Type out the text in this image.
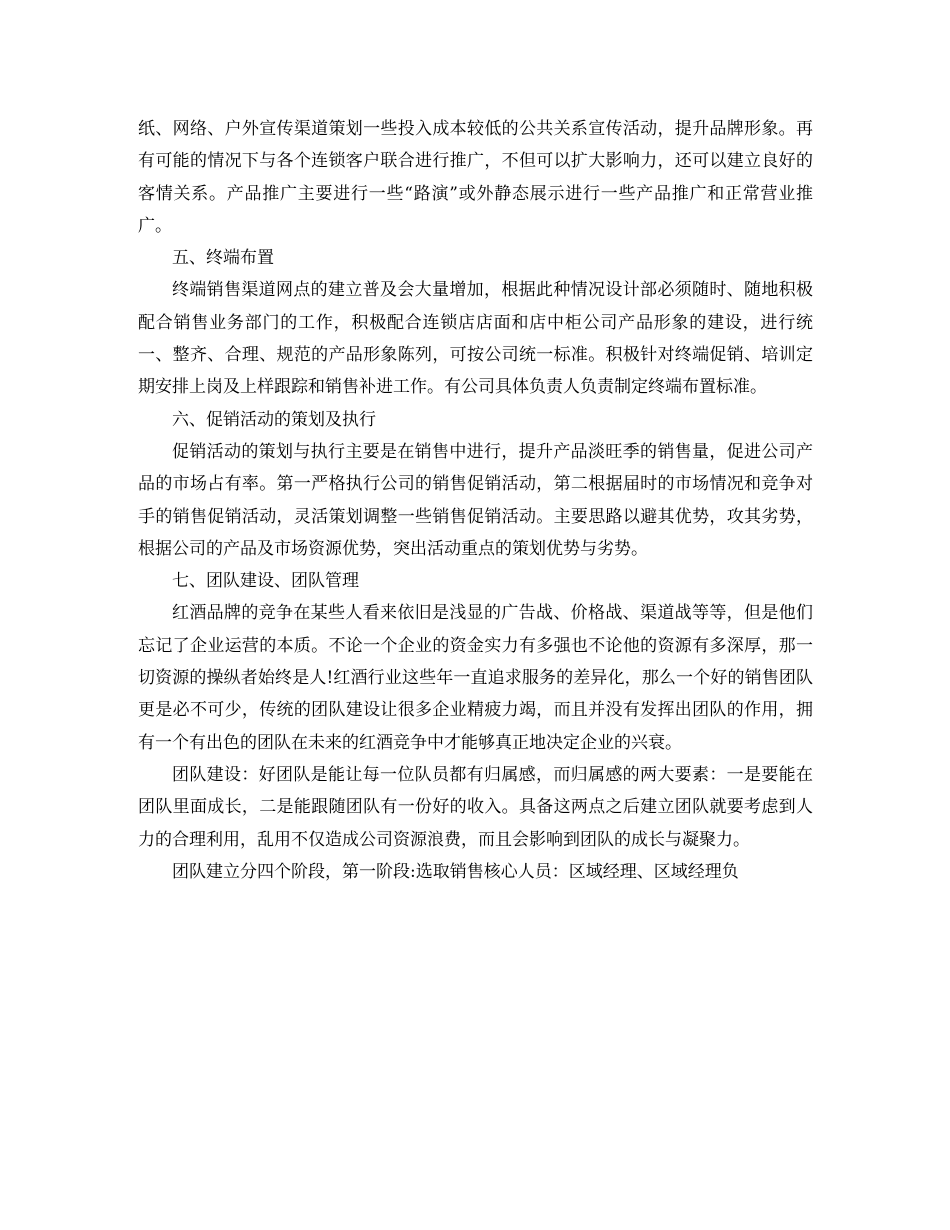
纸、网络、户外宣传渠道策划一些投入成本较低的公共关系宣传活动，提升品牌形象。再有可能的情况下与各个连锁客户联合进行推广，不但可以扩大影响力，还可以建立良好的客情关系。产品推广主要进行一些“路演”或外静态展示进行一些产品推广和正常营业推广。

五、终端布置

终端销售渠道网点的建立普及会大量增加，根据此种情况设计部必须随时、随地积极配合销售业务部门的工作，积极配合连锁店店面和店中柜公司产品形象的建设，进行统一、整齐、合理、规范的产品形象陈列，可按公司统一标准。积极针对终端促销、培训定期安排上岗及上样跟踪和销售补进工作。有公司具体负责人负责制定终端布置标准。

六、促销活动的策划及执行

促销活动的策划与执行主要是在销售中进行，提升产品淡旺季的销售量，促进公司产品的市场占有率。第一严格执行公司的销售促销活动，第二根据届时的市场情况和竞争对手的销售促销活动，灵活策划调整一些销售促销活动。主要思路以避其优势，攻其劣势，根据公司的产品及市场资源优势，突出活动重点的策划优势与劣势。

七、团队建设、团队管理

红酒品牌的竞争在某些人看来依旧是浅显的广告战、价格战、渠道战等等，但是他们忘记了企业运营的本质。不论一个企业的资金实力有多强也不论他的资源有多深厚，那一切资源的操纵者始终是人!红酒行业这些年一直追求服务的差异化，那么一个好的销售团队更是必不可少，传统的团队建设让很多企业精疲力竭，而且并没有发挥出团队的作用，拥有一个有出色的团队在未来的红酒竞争中才能够真正地决定企业的兴衰。

团队建设：好团队是能让每一位队员都有归属感，而归属感的两大要素：一是要能在团队里面成长，二是能跟随团队有一份好的收入。具备这两点之后建立团队就要考虑到人力的合理利用，乱用不仅造成公司资源浪费，而且会影响到团队的成长与凝聚力。

团队建立分四个阶段，第一阶段:选取销售核心人员：区域经理、区域经理负
